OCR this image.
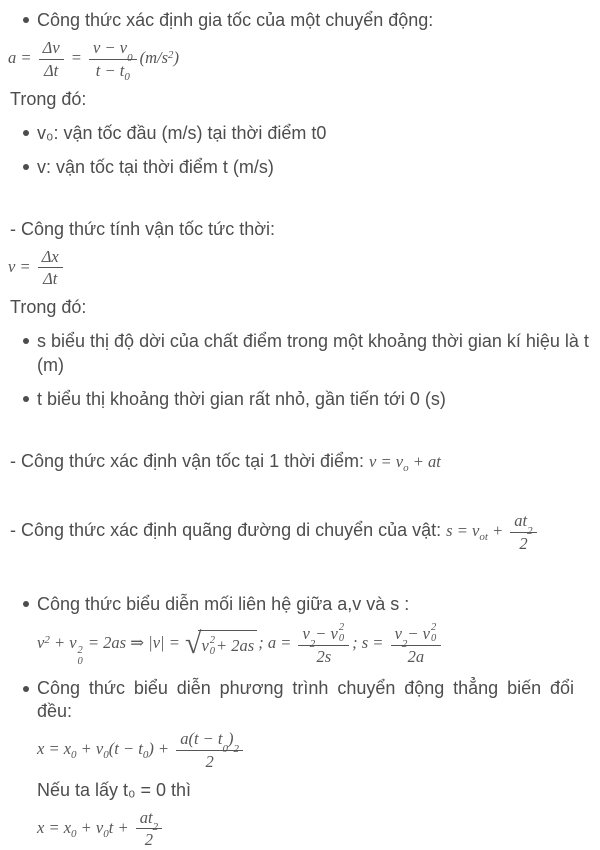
Công thức xác định gia tốc của một chuyển động:
$a = \frac{\Delta v}{\Delta t} = v - v$
0
$t - t_0$ $(m/s^2)$
Trong đó:
v₀: vận tốc đầu (m/s) tại thời điểm t0
v: vận tốc tại thời điểm t (m/s)
- Công thức tính vận tốc tức thời:
$v = \frac{\Delta x}{\Delta t}$
Trong đó:
s biểu thị độ dời của chất điểm trong một khoảng thời gian kí hiệu là t (m)
t biểu thị khoảng thời gian rất nhỏ, gần tiến tới 0 (s)
- Công thức xác định vận tốc tại 1 thời điểm: $v = v_o$ + at
- Công thức xác định quãng đường di chuyển của vật: $s = v_{ot}$ + at
2
2
Công thức biểu diễn mối liên hệ giữa a,v và s :
$v^2 + v$ 2
0
= 2as ⇒ |v| = √ v 2
0 + 2as ; a = v
2
− v 2
0
2s ; s = v
2
− v 2
0
2a
Công thức biểu diễn phương trình chuyển động thẳng biến đổi đều:
$x = x_0 + v_0(t - t_0) + a(t - t$
0
)
2
2
Nếu ta lấy t₀ = 0 thì
$x = x_0 + v_0t$ + at
2
2
